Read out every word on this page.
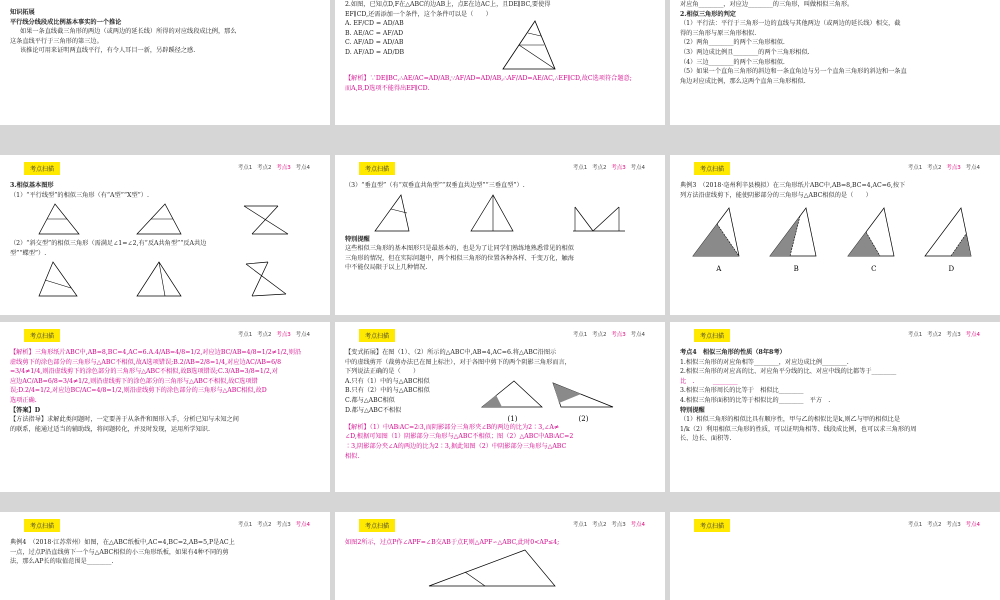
知识拓展

平行线分线段成比例基本事实的一个推论

如果一条直线截三角形的两边（或两边的延长线）所得的对应线段成比例，那么

这条直线平行于三角形的第三边。

该推论可用来证明两直线平行，有令人耳目一新，另辟蹊径之感.

2.如图，已知点D,F在△ABC的边AB上，点E在边AC上，且DE∥BC,要使得

EF∥CD,还需添加一个条件，这个条件可以是（　　）

A. EF/CD = AD/AB

B. AE/AC = AF/AD

C. AF/AD = AD/AB

D. AF/AD = AD/DB

【解析】∵DE∥BC,∴AE/AC=AD/AB,∵AF/AD=AD/AB,∴AF/AD=AE/AC,∴EF∥CD,故C选项符合题意;

而A,B,D选项不能得出EF∥CD.

对应角________，对应边________的三角形，叫做相似三角形。

2.相似三角形的判定

（1）平行法：平行于三角形一边的直线与其他两边（或两边的延长线）相交，截

得的三角形与原三角形相似.

（2）两角________的两个三角形相似.

（3）两边成比例且________的两个三角形相似.

（4）三边________的两个三角形相似.

（5）如果一个直角三角形的斜边和一条直角边与另一个直角三角形的斜边和一条直

角边对应成比例，那么这两个直角三角形相似.

考点扫描	考点1 考点2 考点3 考点4

3.相似基本图形

（1）“平行线型”的相似三角形（有“A型”“X型”）.

（2）“斜交型”的相似三角形（需满足∠1=∠2,有“反A共角型”“反A共边

型”“蝶型”）.

考点扫描	考点1 考点2 考点3 考点4

（3）“垂直型”（有“双垂直共角型”“双垂直共边型”“三垂直型”）.

特别提醒

这些相似三角形的基本图形只是最基本的，也是为了让同学们熟练地熟悉常见的相似

三角形的情况，但在实际问题中，两个相似三角形的位置各种各样、千变万化，触海

中不能仅局限于以上几种情况.

考点扫描	考点1 考点2 考点3 考点4

典例3　（2018·亳州利辛县模拟）在三角形纸片ABC中,AB=8,BC=4,AC=6,按下

列方法沿虚线剪下，能使阴影部分的三角形与△ABC相似的是（　　）

A	B	C	D
考点扫描	考点1 考点2 考点3 考点4

【解析】三角形纸片ABC中,AB=8,BC=4,AC=6.A.4/AB=4/8=1/2,对应边BC/AB=4/8=1/2≠1/2,则沿

虚线剪下的涂色部分的三角形与△ABC不相似,故A选项错误;B.2/AB=2/8=1/4,对应边AC/AB=6/8

=3/4≠1/4,则沿虚线剪下的涂色部分的三角形与△ABC不相似,故B选项错误;C.3/AB=3/8=1/2,对

应边AC/AB=6/8=3/4≠1/2,则沿虚线剪下的涂色部分的三角形与△ABC不相似,故C选项错

误;D.2/4=1/2,对应边BC/AC=4/8=1/2,则沿虚线剪下的涂色部分的三角形与△ABC相似,故D

选项正确.

【答案】D

【方法指导】求解此类问题时，一定要善于从条件和图形入手，分析已知与未知之间

的联系，能通过适当的辅助线，将问题转化，并及时发现，运用所学知识.

考点扫描	考点1 考点2 考点3 考点4

【变式拓展】在图（1）、（2）所示的△ABC中,AB=4,AC=6.将△ABC沿图示

中的虚线剪开（裁剪办法已在图上标注），对于各图中剪下的两个阴影三角形而言，

下列说法正确的是（　　）

A.只有（1）中的与△ABC相似

B.只有（2）中的与△ABC相似

C.都与△ABC相似

D.都与△ABC不相似

(1)	(2)

【解析】（1）中AB∶AC=2∶3,而阴影部分三角形夹∠B的两边的比为2∶3,∠A≠

∠D,根据可知图（1）阴影部分三角形与△ABC不相似；图（2）△ABC中AB∶AC=2

∶3,阴影部分夹∠A的两边的比为2∶3,据此知图（2）中阴影部分三角形与△ABC

相似.

考点扫描	考点1 考点2 考点3 考点4

考点4　相似三角形的性质（8年8考）

1.相似三角形的对应角相等________，对应边成比例________.

2.相似三角形的对应高的比、对应角平分线的比、对应中线的比都等于________

比　.　　　________

3.相似三角形周长的比等于　相似比________

4.相似三角形面积的比等于相似比的________　平方　.

特别提醒

（1）相似三角形的相似比具有顺序性，甲与乙的相似比是k,则乙与甲的相似比是

1/k（2）利用相似三角形的性质，可以证明角相等、线段成比例，也可以求三角形的周

长、边长、面积等.

考点扫描	考点1 考点2 考点3 考点4

典例4　（2018·江苏常州）如图，在△ABC纸板中,AC=4,BC=2,AB=5,P是AC上

一点，过点P沿直线剪下一个与△ABC相似的小三角形纸板，如果有4种不同的剪

法，那么AP长的取值范围是________.

考点扫描	考点1 考点2 考点3 考点4

如图2所示，过点P作∠APF=∠B交AB于点F,则△APF∽△ABC,此时0<AP≤4;

考点扫描	考点1 考点2 考点3 考点4
